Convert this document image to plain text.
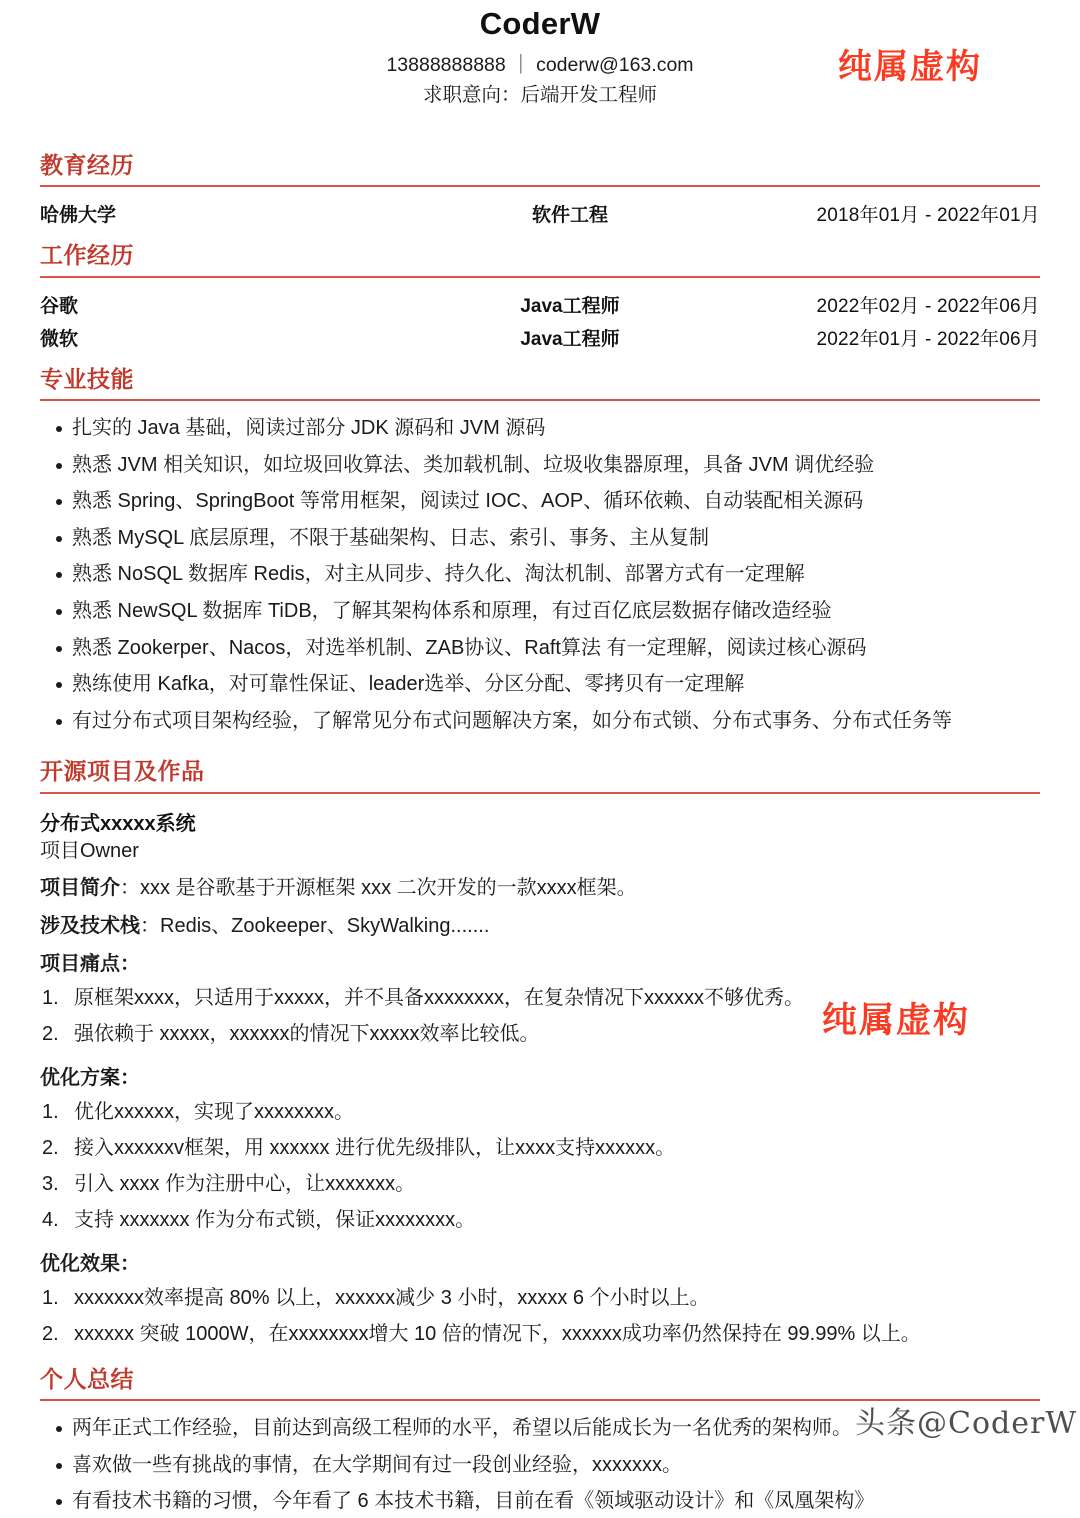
CoderW
13888888888 ｜ coderw@163.com
求职意向：后端开发工程师
纯属虚构
纯属虚构
头条@CoderW
教育经历
哈佛大学	软件工程	2018年01月 - 2022年01月
工作经历
谷歌	Java工程师	2022年02月 - 2022年06月
微软	Java工程师	2022年01月 - 2022年06月
专业技能
扎实的 Java 基础，阅读过部分 JDK 源码和 JVM 源码
熟悉 JVM 相关知识，如垃圾回收算法、类加载机制、垃圾收集器原理，具备 JVM 调优经验
熟悉 Spring、SpringBoot 等常用框架，阅读过 IOC、AOP、循环依赖、自动装配相关源码
熟悉 MySQL 底层原理，不限于基础架构、日志、索引、事务、主从复制
熟悉 NoSQL 数据库 Redis，对主从同步、持久化、淘汰机制、部署方式有一定理解
熟悉 NewSQL 数据库 TiDB，了解其架构体系和原理，有过百亿底层数据存储改造经验
熟悉 Zookerper、Nacos，对选举机制、ZAB协议、Raft算法 有一定理解，阅读过核心源码
熟练使用 Kafka，对可靠性保证、leader选举、分区分配、零拷贝有一定理解
有过分布式项目架构经验，了解常见分布式问题解决方案，如分布式锁、分布式事务、分布式任务等
开源项目及作品
分布式xxxxx系统
项目Owner
项目简介：xxx 是谷歌基于开源框架 xxx 二次开发的一款xxxx框架。
涉及技术栈：Redis、Zookeeper、SkyWalking.......
项目痛点：
原框架xxxx，只适用于xxxxx，并不具备xxxxxxxx，在复杂情况下xxxxxx不够优秀。
强依赖于 xxxxx，xxxxxx的情况下xxxxx效率比较低。
优化方案：
优化xxxxxx，实现了xxxxxxxx。
接入xxxxxxv框架，用 xxxxxx 进行优先级排队，让xxxx支持xxxxxx。
引入 xxxx 作为注册中心，让xxxxxxx。
支持 xxxxxxx 作为分布式锁，保证xxxxxxxx。
优化效果：
xxxxxxx效率提高 80% 以上，xxxxxx减少 3 小时，xxxxx 6 个小时以上。
xxxxxx 突破 1000W，在xxxxxxxx增大 10 倍的情况下，xxxxxx成功率仍然保持在 99.99% 以上。
个人总结
两年正式工作经验，目前达到高级工程师的水平，希望以后能成长为一名优秀的架构师。
喜欢做一些有挑战的事情，在大学期间有过一段创业经验，xxxxxxx。
有看技术书籍的习惯，今年看了 6 本技术书籍，目前在看《领域驱动设计》和《凤凰架构》
